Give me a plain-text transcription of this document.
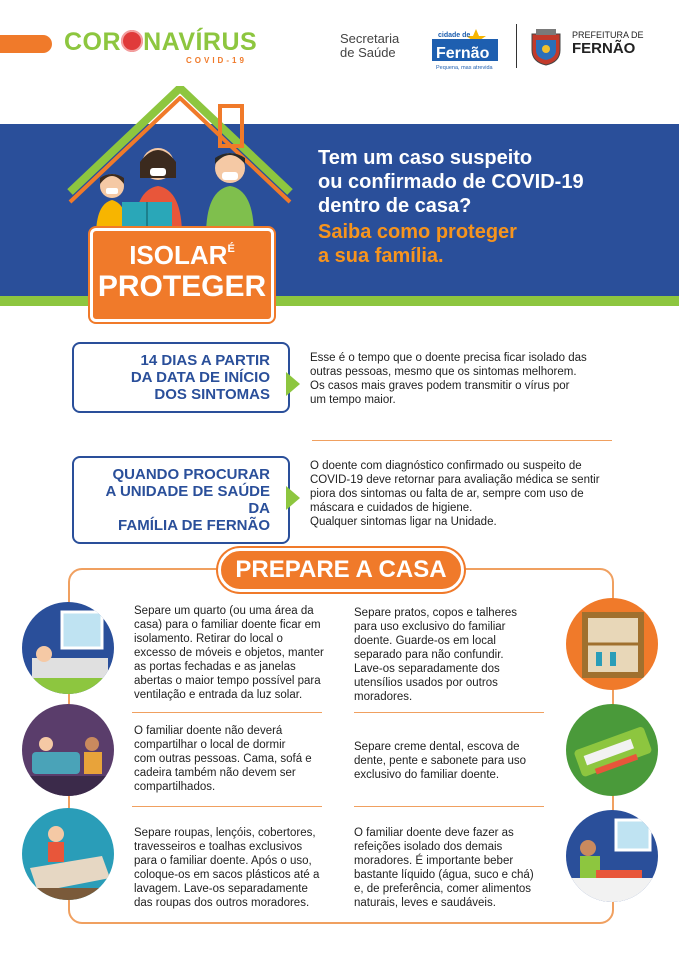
COR NAVÍRUS
COVID-19
Secretaria
de Saúde
cidade de
Fernão
Pequena, mas atrevida
PREFEITURA DE
FERNÃO
$ISOLAR^É$
PROTEGER
Tem um caso suspeito
ou confirmado de COVID-19
dentro de casa?
Saiba como proteger
a sua família.
14 DIAS A PARTIR
DA DATA DE INÍCIO
DOS SINTOMAS
Esse é o tempo que o doente precisa ficar isolado das
outras pessoas, mesmo que os sintomas melhorem.
Os casos mais graves podem transmitir o vírus por
um tempo maior.
QUANDO PROCURAR
A UNIDADE DE SAÚDE DA
FAMÍLIA DE FERNÃO
O doente com diagnóstico confirmado ou suspeito de
COVID-19 deve retornar para avaliação médica se sentir
piora dos sintomas ou falta de ar, sempre com uso de
máscara e cuidados de higiene.
Qualquer sintomas ligar na Unidade.
PREPARE A CASA
Separe um quarto (ou uma área da
casa) para o familiar doente ficar em
isolamento. Retirar do local o
excesso de móveis e objetos, manter
as portas fechadas e as janelas
abertas o maior tempo possível para
ventilação e entrada da luz solar.
O familiar doente não deverá
compartilhar o local de dormir
com outras pessoas. Cama, sofá e
cadeira também não devem ser
compartilhados.
Separe roupas, lençóis, cobertores,
travesseiros e toalhas exclusivos
para o familiar doente. Após o uso,
coloque-os em sacos plásticos até a
lavagem. Lave-os separadamente
das roupas dos outros moradores.
Separe pratos, copos e talheres
para uso exclusivo do familiar
doente. Guarde-os em local
separado para não confundir.
Lave-os separadamente dos
utensílios usados por outros
moradores.
Separe creme dental, escova de
dente, pente e sabonete para uso
exclusivo do familiar doente.
O familiar doente deve fazer as
refeições isolado dos demais
moradores. É importante beber
bastante líquido (água, suco e chá)
e, de preferência, comer alimentos
naturais, leves e saudáveis.
